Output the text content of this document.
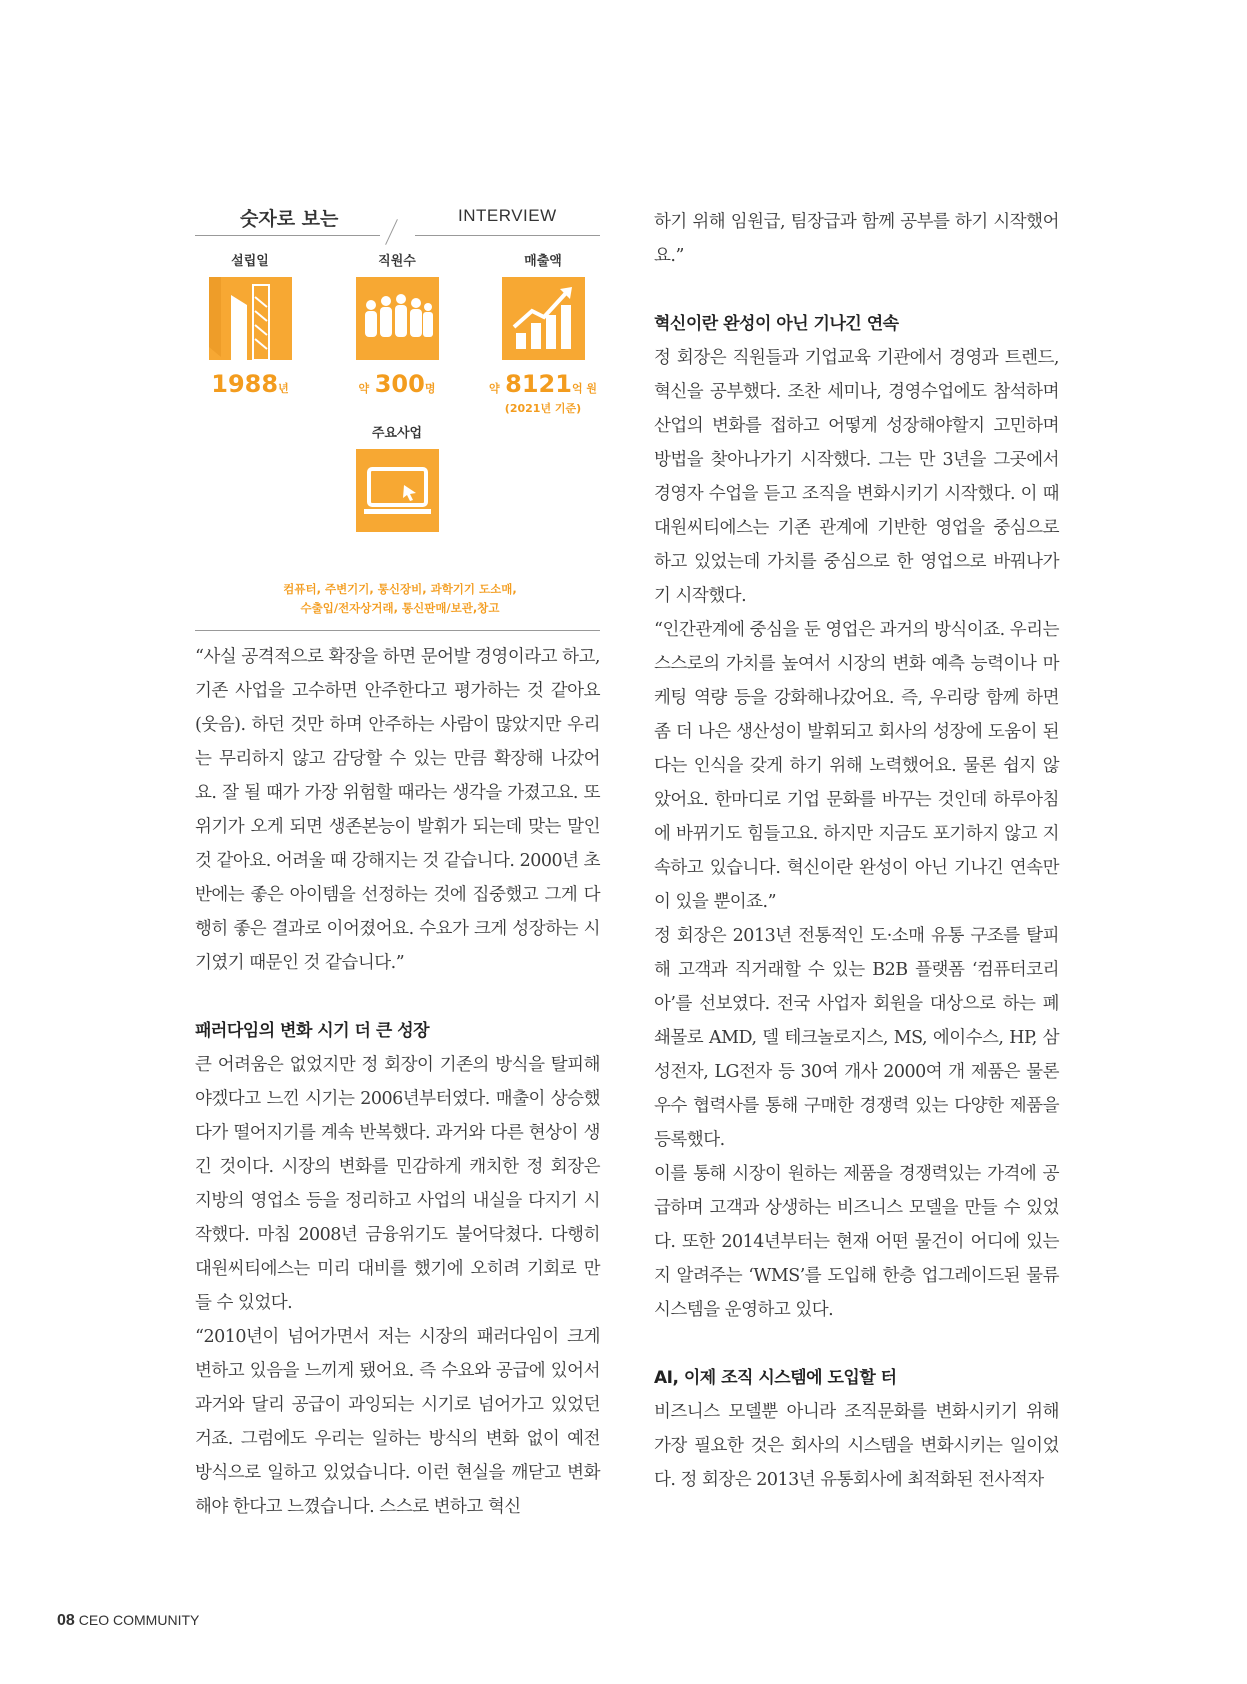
숫자로 보는	INTERVIEW
설립일
1988년
직원수
약 300명
매출액
약 8121억 원
(2021년 기준)
주요사업
컴퓨터, 주변기기, 통신장비, 과학기기 도소매,
수출입/전자상거래, 통신판매/보관,창고

“사실 공격적으로 확장을 하면 문어발 경영이라고 하고, 기존 사업을 고수하면 안주한다고 평가하는 것 같아요(웃음). 하던 것만 하며 안주하는 사람이 많았지만 우리는 무리하지 않고 감당할 수 있는 만큼 확장해 나갔어요. 잘 될 때가 가장 위험할 때라는 생각을 가졌고요. 또 위기가 오게 되면 생존본능이 발휘가 되는데 맞는 말인 것 같아요. 어려울 때 강해지는 것 같습니다. 2000년 초반에는 좋은 아이템을 선정하는 것에 집중했고 그게 다행히 좋은 결과로 이어졌어요. 수요가 크게 성장하는 시기였기 때문인 것 같습니다.”

패러다임의 변화 시기 더 큰 성장

큰 어려움은 없었지만 정 회장이 기존의 방식을 탈피해야겠다고 느낀 시기는 2006년부터였다. 매출이 상승했다가 떨어지기를 계속 반복했다. 과거와 다른 현상이 생긴 것이다. 시장의 변화를 민감하게 캐치한 정 회장은 지방의 영업소 등을 정리하고 사업의 내실을 다지기 시작했다. 마침 2008년 금융위기도 불어닥쳤다. 다행히 대원씨티에스는 미리 대비를 했기에 오히려 기회로 만들 수 있었다.

“2010년이 넘어가면서 저는 시장의 패러다임이 크게 변하고 있음을 느끼게 됐어요. 즉 수요와 공급에 있어서 과거와 달리 공급이 과잉되는 시기로 넘어가고 있었던 거죠. 그럼에도 우리는 일하는 방식의 변화 없이 예전 방식으로 일하고 있었습니다. 이런 현실을 깨닫고 변화해야 한다고 느꼈습니다. 스스로 변하고 혁신

하기 위해 임원급, 팀장급과 함께 공부를 하기 시작했어요.”

혁신이란 완성이 아닌 기나긴 연속

정 회장은 직원들과 기업교육 기관에서 경영과 트렌드, 혁신을 공부했다. 조찬 세미나, 경영수업에도 참석하며 산업의 변화를 접하고 어떻게 성장해야할지 고민하며 방법을 찾아나가기 시작했다. 그는 만 3년을 그곳에서 경영자 수업을 듣고 조직을 변화시키기 시작했다. 이 때 대원씨티에스는 기존 관계에 기반한 영업을 중심으로 하고 있었는데 가치를 중심으로 한 영업으로 바꿔나가기 시작했다.

“인간관계에 중심을 둔 영업은 과거의 방식이죠. 우리는 스스로의 가치를 높여서 시장의 변화 예측 능력이나 마케팅 역량 등을 강화해나갔어요. 즉, 우리랑 함께 하면 좀 더 나은 생산성이 발휘되고 회사의 성장에 도움이 된다는 인식을 갖게 하기 위해 노력했어요. 물론 쉽지 않았어요. 한마디로 기업 문화를 바꾸는 것인데 하루아침에 바뀌기도 힘들고요. 하지만 지금도 포기하지 않고 지속하고 있습니다. 혁신이란 완성이 아닌 기나긴 연속만이 있을 뿐이죠.”

정 회장은 2013년 전통적인 도·소매 유통 구조를 탈피해 고객과 직거래할 수 있는 B2B 플랫폼 ‘컴퓨터코리아’를 선보였다. 전국 사업자 회원을 대상으로 하는 폐쇄몰로 AMD, 델 테크놀로지스, MS, 에이수스, HP, 삼성전자, LG전자 등 30여 개사 2000여 개 제품은 물론 우수 협력사를 통해 구매한 경쟁력 있는 다양한 제품을 등록했다.

이를 통해 시장이 원하는 제품을 경쟁력있는 가격에 공급하며 고객과 상생하는 비즈니스 모델을 만들 수 있었다. 또한 2014년부터는 현재 어떤 물건이 어디에 있는지 알려주는 ‘WMS’를 도입해 한층 업그레이드된 물류시스템을 운영하고 있다.

AI, 이제 조직 시스템에 도입할 터

비즈니스 모델뿐 아니라 조직문화를 변화시키기 위해 가장 필요한 것은 회사의 시스템을 변화시키는 일이었다. 정 회장은 2013년 유통회사에 최적화된 전사적자

08 CEO COMMUNITY
